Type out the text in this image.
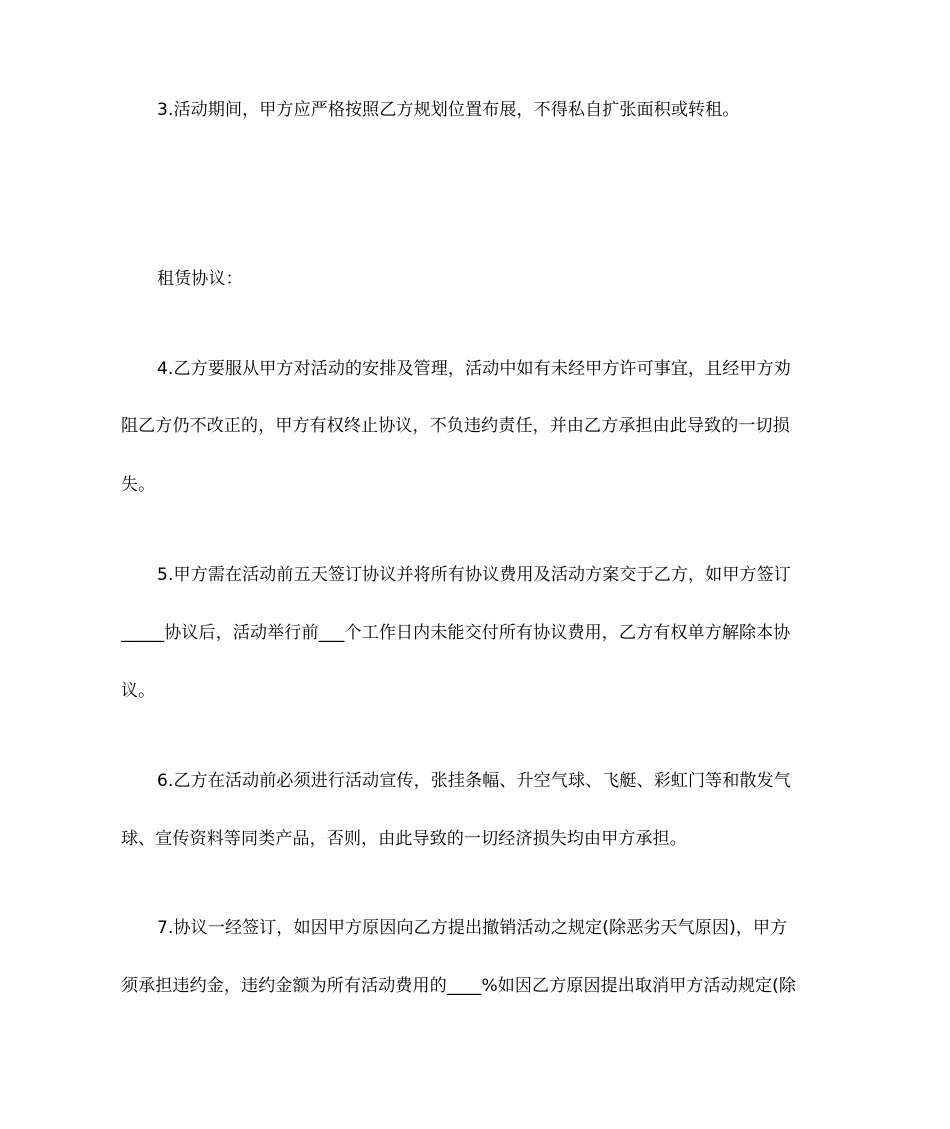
3.活动期间，甲方应严格按照乙方规划位置布展，不得私自扩张面积或转租。
租赁协议：
4.乙方要服从甲方对活动的安排及管理，活动中如有未经甲方许可事宜，且经甲方劝
阻乙方仍不改正的，甲方有权终止协议，不负违约责任，并由乙方承担由此导致的一切损
失。
5.甲方需在活动前五天签订协议并将所有协议费用及活动方案交于乙方，如甲方签订
_____协议后，活动举行前___个工作日内未能交付所有协议费用，乙方有权单方解除本协
议。
6.乙方在活动前必须进行活动宣传，张挂条幅、升空气球、飞艇、彩虹门等和散发气
球、宣传资料等同类产品，否则，由此导致的一切经济损失均由甲方承担。
7.协议一经签订，如因甲方原因向乙方提出撤销活动之规定(除恶劣天气原因)，甲方
须承担违约金，违约金额为所有活动费用的____%如因乙方原因提出取消甲方活动规定(除
